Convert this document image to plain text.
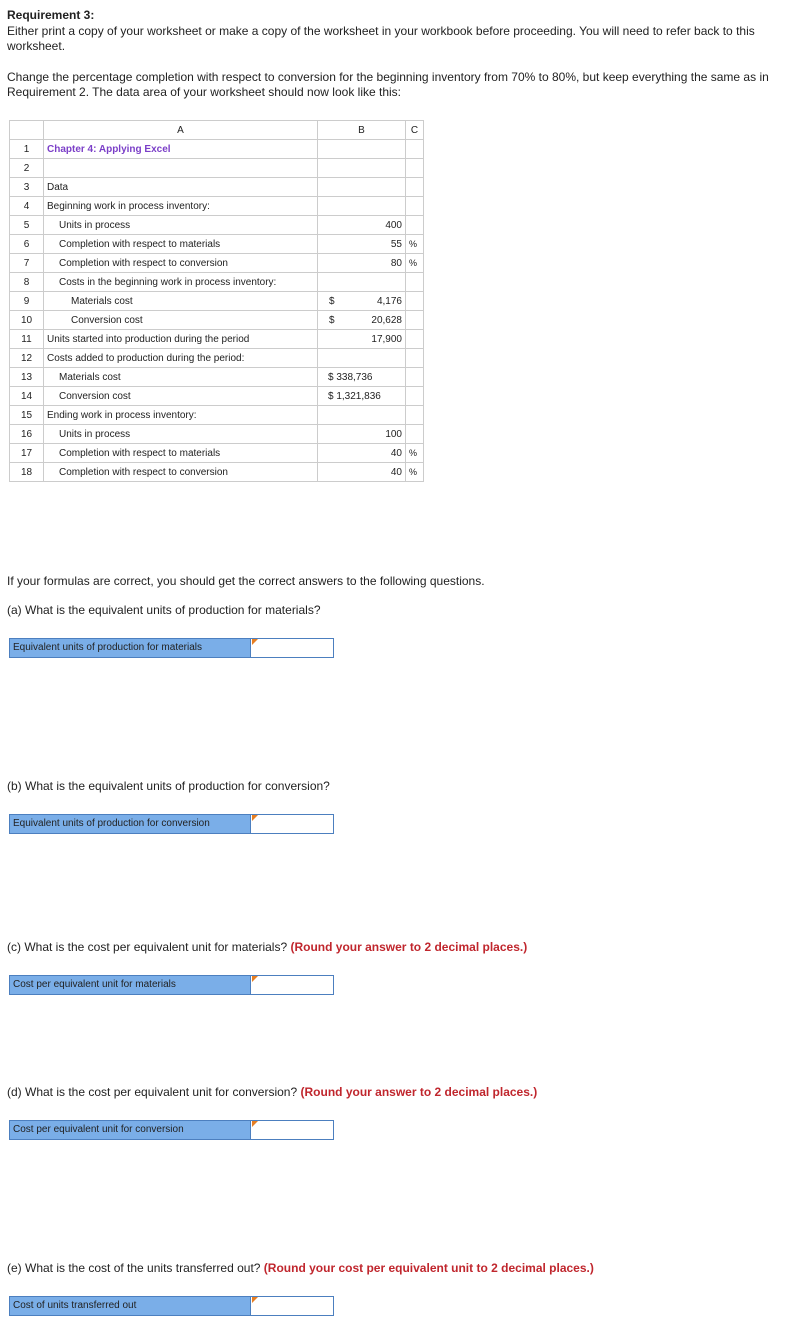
Requirement 3:
Either print a copy of your worksheet or make a copy of the worksheet in your workbook before proceeding. You will need to refer back to this worksheet.
Change the percentage completion with respect to conversion for the beginning inventory from 70% to 80%, but keep everything the same as in Requirement 2. The data area of your worksheet should now look like this:
	A	B	C
1	Chapter 4: Applying Excel		
2			
3	Data		
4	Beginning work in process inventory:		
5	Units in process	400	
6	Completion with respect to materials	55	%
7	Completion with respect to conversion	80	%
8	Costs in the beginning work in process inventory:		
9	Materials cost	$ 4,176	

10	Conversion cost	$ 20,628	

11	Units started into production during the period	17,900	
12	Costs added to production during the period:		
13	Materials cost	$ 338,736	
14	Conversion cost	$ 1,321,836	
15	Ending work in process inventory:		
16	Units in process	100	
17	Completion with respect to materials	40	%
18	Completion with respect to conversion	40	%
If your formulas are correct, you should get the correct answers to the following questions.
(a) What is the equivalent units of production for materials?
Equivalent units of production for materials
(b) What is the equivalent units of production for conversion?
Equivalent units of production for conversion
(c) What is the cost per equivalent unit for materials? (Round your answer to 2 decimal places.)
Cost per equivalent unit for materials
(d) What is the cost per equivalent unit for conversion? (Round your answer to 2 decimal places.)
Cost per equivalent unit for conversion
(e) What is the cost of the units transferred out? (Round your cost per equivalent unit to 2 decimal places.)
Cost of units transferred out
